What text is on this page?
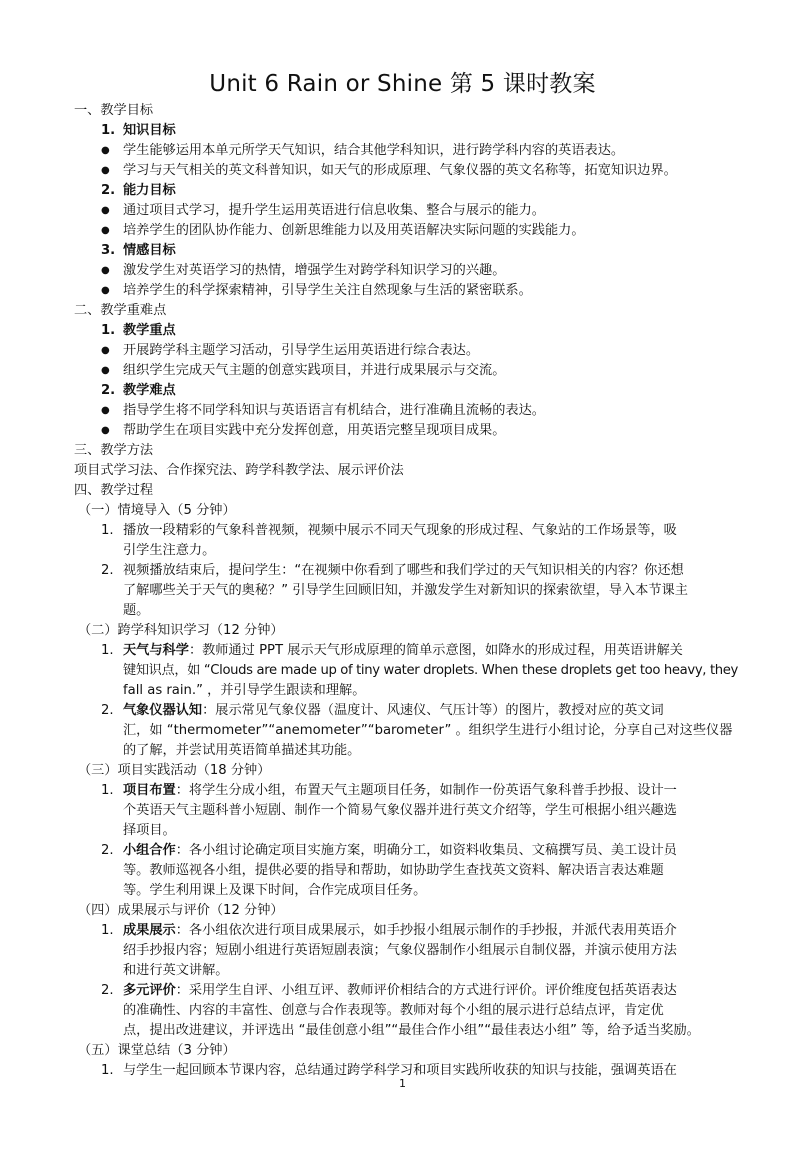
Unit 6 Rain or Shine 第 5 课时教案
一、教学目标
1. 知识目标
● 学生能够运用本单元所学天气知识，结合其他学科知识，进行跨学科内容的英语表达。
● 学习与天气相关的英文科普知识，如天气的形成原理、气象仪器的英文名称等，拓宽知识边界。
2. 能力目标
● 通过项目式学习，提升学生运用英语进行信息收集、整合与展示的能力。
● 培养学生的团队协作能力、创新思维能力以及用英语解决实际问题的实践能力。
3. 情感目标
● 激发学生对英语学习的热情，增强学生对跨学科知识学习的兴趣。
● 培养学生的科学探索精神，引导学生关注自然现象与生活的紧密联系。
二、教学重难点
1. 教学重点
● 开展跨学科主题学习活动，引导学生运用英语进行综合表达。
● 组织学生完成天气主题的创意实践项目，并进行成果展示与交流。
2. 教学难点
● 指导学生将不同学科知识与英语语言有机结合，进行准确且流畅的表达。
● 帮助学生在项目实践中充分发挥创意，用英语完整呈现项目成果。
三、教学方法
项目式学习法、合作探究法、跨学科教学法、展示评价法
四、教学过程
（一）情境导入（5 分钟）
1. 播放一段精彩的气象科普视频，视频中展示不同天气现象的形成过程、气象站的工作场景等，吸
引学生注意力。
2. 视频播放结束后，提问学生：“在视频中你看到了哪些和我们学过的天气知识相关的内容？你还想
了解哪些关于天气的奥秘？” 引导学生回顾旧知，并激发学生对新知识的探索欲望，导入本节课主
题。
（二）跨学科知识学习（12 分钟）
1. 天气与科学：教师通过 PPT 展示天气形成原理的简单示意图，如降水的形成过程，用英语讲解关
键知识点，如 “Clouds are made up of tiny water droplets. When these droplets get too heavy, they
fall as rain.” ，并引导学生跟读和理解。
2. 气象仪器认知：展示常见气象仪器（温度计、风速仪、气压计等）的图片，教授对应的英文词
汇，如 “thermometer”“anemometer”“barometer” 。组织学生进行小组讨论，分享自己对这些仪器
的了解，并尝试用英语简单描述其功能。
（三）项目实践活动（18 分钟）
1. 项目布置：将学生分成小组，布置天气主题项目任务，如制作一份英语气象科普手抄报、设计一
个英语天气主题科普小短剧、制作一个简易气象仪器并进行英文介绍等，学生可根据小组兴趣选
择项目。
2. 小组合作：各小组讨论确定项目实施方案，明确分工，如资料收集员、文稿撰写员、美工设计员
等。教师巡视各小组，提供必要的指导和帮助，如协助学生查找英文资料、解决语言表达难题
等。学生利用课上及课下时间，合作完成项目任务。
（四）成果展示与评价（12 分钟）
1. 成果展示：各小组依次进行项目成果展示，如手抄报小组展示制作的手抄报，并派代表用英语介
绍手抄报内容；短剧小组进行英语短剧表演；气象仪器制作小组展示自制仪器，并演示使用方法
和进行英文讲解。
2. 多元评价：采用学生自评、小组互评、教师评价相结合的方式进行评价。评价维度包括英语表达
的准确性、内容的丰富性、创意与合作表现等。教师对每个小组的展示进行总结点评，肯定优
点，提出改进建议，并评选出 “最佳创意小组”“最佳合作小组”“最佳表达小组” 等，给予适当奖励。
（五）课堂总结（3 分钟）
1. 与学生一起回顾本节课内容，总结通过跨学科学习和项目实践所收获的知识与技能，强调英语在
1
